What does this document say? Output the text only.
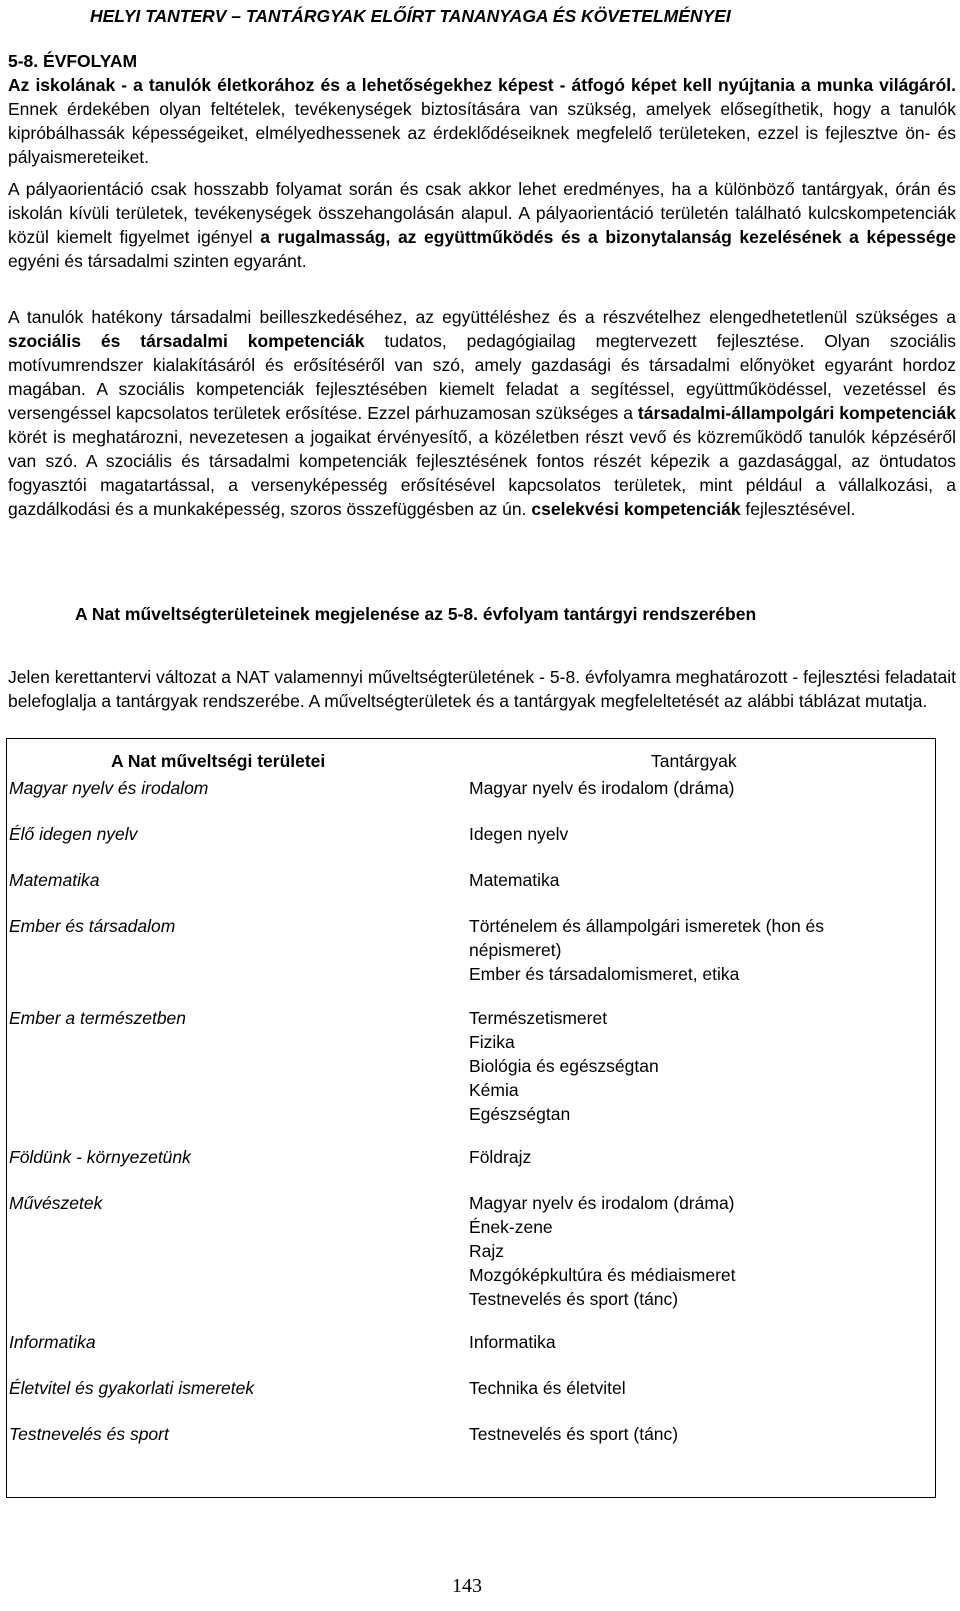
HELYI TANTERV – TANTÁRGYAK ELŐÍRT TANANYAGA ÉS KÖVETELMÉNYEI
5-8. ÉVFOLYAM
Az iskolának - a tanulók életkorához és a lehetőségekhez képest - átfogó képet kell nyújtania a munka világáról. Ennek érdekében olyan feltételek, tevékenységek biztosítására van szükség, amelyek elősegíthetik, hogy a tanulók kipróbálhassák képességeiket, elmélyedhessenek az érdeklődéseiknek megfelelő területeken, ezzel is fejlesztve ön- és pályaismereteiket.
A pályaorientáció csak hosszabb folyamat során és csak akkor lehet eredményes, ha a különböző tantárgyak, órán és iskolán kívüli területek, tevékenységek összehangolásán alapul. A pályaorientáció területén található kulcskompetenciák közül kiemelt figyelmet igényel a rugalmasság, az együttműködés és a bizonytalanság kezelésének a képessége egyéni és társadalmi szinten egyaránt.
A tanulók hatékony társadalmi beilleszkedéséhez, az együttéléshez és a részvételhez elengedhetetlenül szükséges a szociális és társadalmi kompetenciák tudatos, pedagógiailag megtervezett fejlesztése. Olyan szociális motívumrendszer kialakításáról és erősítéséről van szó, amely gazdasági és társadalmi előnyöket egyaránt hordoz magában. A szociális kompetenciák fejlesztésében kiemelt feladat a segítéssel, együttműködéssel, vezetéssel és versengéssel kapcsolatos területek erősítése. Ezzel párhuzamosan szükséges a társadalmi-állampolgári kompetenciák körét is meghatározni, nevezetesen a jogaikat érvényesítő, a közéletben részt vevő és közreműködő tanulók képzéséről van szó. A szociális és társadalmi kompetenciák fejlesztésének fontos részét képezik a gazdasággal, az öntudatos fogyasztói magatartással, a versenyképesség erősítésével kapcsolatos területek, mint például a vállalkozási, a gazdálkodási és a munkaképesség, szoros összefüggésben az ún. cselekvési kompetenciák fejlesztésével.
A Nat műveltségterületeinek megjelenése az 5-8. évfolyam tantárgyi rendszerében
Jelen kerettantervi változat a NAT valamennyi műveltségterületének - 5-8. évfolyamra meghatározott - fejlesztési feladatait belefoglalja a tantárgyak rendszerébe. A műveltségterületek és a tantárgyak megfeleltetését az alábbi táblázat mutatja.
A Nat műveltségi területei	Tantárgyak
Magyar nyelv és irodalom	Magyar nyelv és irodalom (dráma)
Élő idegen nyelv	Idegen nyelv
Matematika	Matematika
Ember és társadalom	Történelem és állampolgári ismeretek (hon és
népismeret)
Ember és társadalomismeret, etika
Ember a természetben	Természetismeret
Fizika
Biológia és egészségtan
Kémia
Egészségtan
Földünk - környezetünk	Földrajz
Művészetek	Magyar nyelv és irodalom (dráma)
Ének-zene
Rajz
Mozgóképkultúra és médiaismeret
Testnevelés és sport (tánc)
Informatika	Informatika
Életvitel és gyakorlati ismeretek	Technika és életvitel
Testnevelés és sport	Testnevelés és sport (tánc)
143
